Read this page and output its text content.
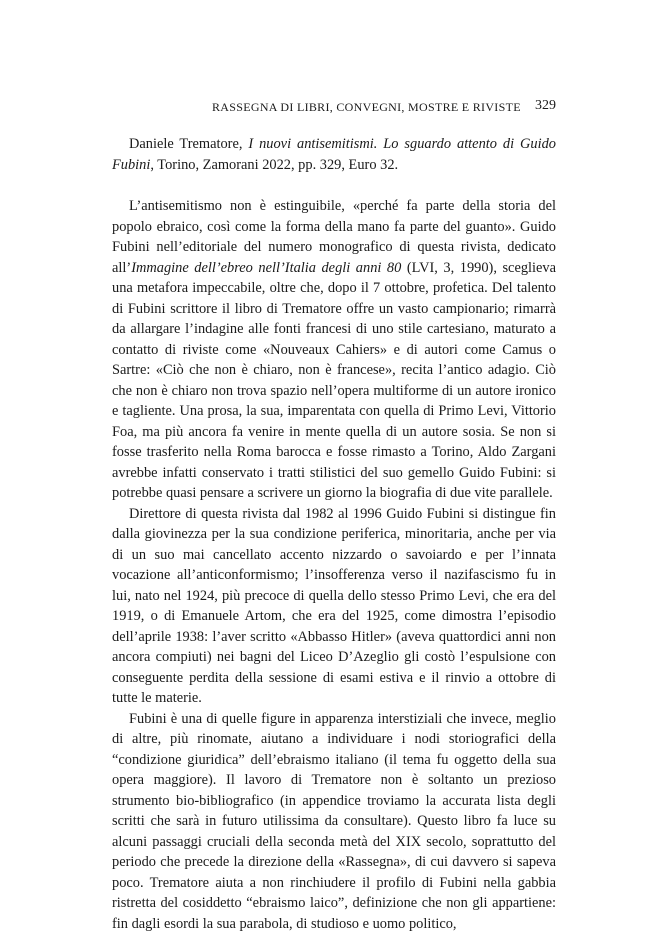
RASSEGNA DI LIBRI, CONVEGNI, MOSTRE E RIVISTE 329

Daniele Trematore, I nuovi antisemitismi. Lo sguardo attento di Guido Fubini, Torino, Zamorani 2022, pp. 329, Euro 32.

L’antisemitismo non è estinguibile, «perché fa parte della storia del popolo ebraico, così come la forma della mano fa parte del guanto». Guido Fubini nell’editoriale del numero monografico di questa rivista, dedicato all’Immagine dell’ebreo nell’Italia degli anni 80 (LVI, 3, 1990), sceglieva una metafora impeccabile, oltre che, dopo il 7 ottobre, profetica. Del talento di Fubini scrittore il libro di Trematore offre un vasto campionario; rimarrà da allargare l’indagine alle fonti francesi di uno stile cartesiano, maturato a contatto di riviste come «Nouveaux Cahiers» e di autori come Camus o Sartre: «Ciò che non è chiaro, non è francese», recita l’antico adagio. Ciò che non è chiaro non trova spazio nell’opera multiforme di un autore ironico e tagliente. Una prosa, la sua, imparentata con quella di Primo Levi, Vittorio Foa, ma più ancora fa venire in mente quella di un autore sosia. Se non si fosse trasferito nella Roma barocca e fosse rimasto a Torino, Aldo Zargani avrebbe infatti conservato i tratti stilistici del suo gemello Guido Fubini: si potrebbe quasi pensare a scrivere un giorno la biografia di due vite parallele.

Direttore di questa rivista dal 1982 al 1996 Guido Fubini si distingue fin dalla giovinezza per la sua condizione periferica, minoritaria, anche per via di un suo mai cancellato accento nizzardo o savoiardo e per l’innata vocazione all’anticonformismo; l’insofferenza verso il nazifascismo fu in lui, nato nel 1924, più precoce di quella dello stesso Primo Levi, che era del 1919, o di Emanuele Artom, che era del 1925, come dimostra l’episodio dell’aprile 1938: l’aver scritto «Abbasso Hitler» (aveva quattordici anni non ancora compiuti) nei bagni del Liceo D’Azeglio gli costò l’espulsione con conseguente perdita della sessione di esami estiva e il rinvio a ottobre di tutte le materie.

Fubini è una di quelle figure in apparenza interstiziali che invece, meglio di altre, più rinomate, aiutano a individuare i nodi storiografici della “condizione giuridica” dell’ebraismo italiano (il tema fu oggetto della sua opera maggiore). Il lavoro di Trematore non è soltanto un prezioso strumento bio-bibliografico (in appendice troviamo la accurata lista degli scritti che sarà in futuro utilissima da consultare). Questo libro fa luce su alcuni passaggi cruciali della seconda metà del XIX secolo, soprattutto del periodo che precede la direzione della «Rassegna», di cui davvero si sapeva poco. Trematore aiuta a non rinchiudere il profilo di Fubini nella gabbia ristretta del cosiddetto “ebraismo laico”, definizione che non gli appartiene: fin dagli esordi la sua parabola, di studioso e uomo politico,
